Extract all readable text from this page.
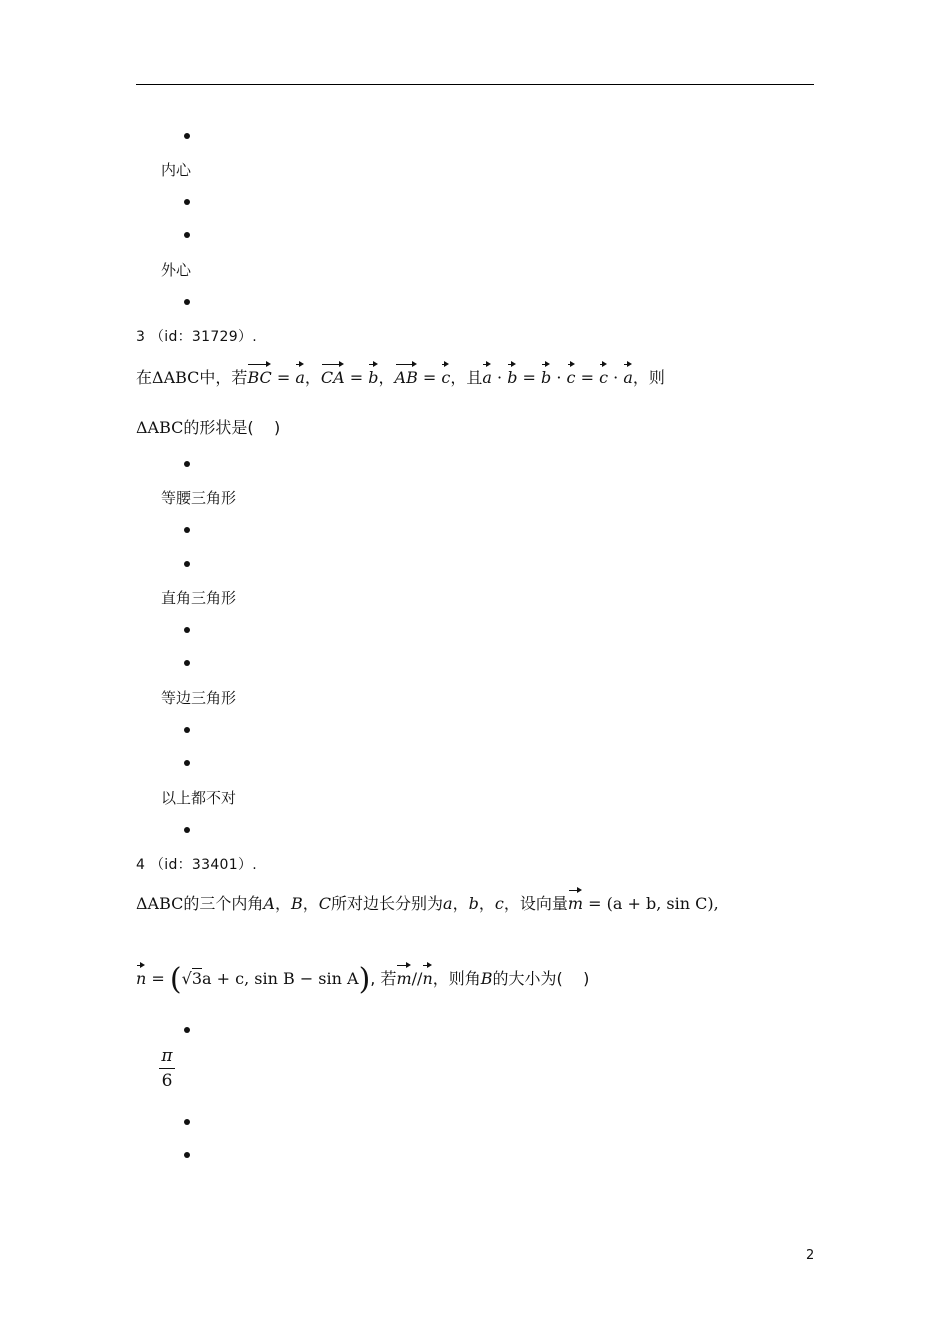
内心
外心
3 （id：31729）.
在ΔABC中，若BC = a，CA = b，AB = c，且a · b = b · c = c · a，则
ΔABC的形状是(    )
等腰三角形
直角三角形
等边三角形
以上都不对
4 （id：33401）.
ΔABC的三个内角A，B，C所对边长分别为a，b，c，设向量m = (a + b, sin C),
n = (√3a + c, sin B − sin A), 若m//n，则角B的大小为(    )
π
6
2
